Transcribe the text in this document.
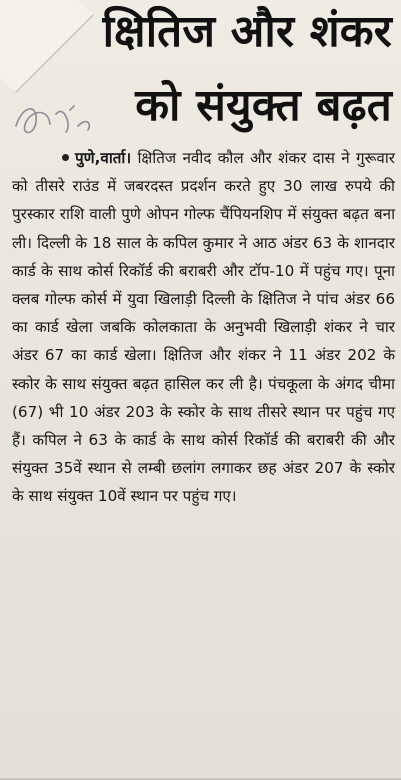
क्षितिज और शंकर
को संयुक्त बढ़त

पुणे,वार्ता। क्षितिज नवीद कौल और शंकर दास ने गुरूवार को तीसरे राउंड में जबरदस्त प्रदर्शन करते हुए 30 लाख रुपये की पुरस्कार राशि वाली पुणे ओपन गोल्फ चैंपियनशिप में संयुक्त बढ़त बना ली। दिल्ली के 18 साल के कपिल कुमार ने आठ अंडर 63 के शानदार कार्ड के साथ कोर्स रिकॉर्ड की बराबरी और टॉप-10 में पहुंच गए। पूना क्लब गोल्फ कोर्स में युवा खिलाड़ी दिल्ली के क्षितिज ने पांच अंडर 66 का कार्ड खेला जबकि कोलकाता के अनुभवी खिलाड़ी शंकर ने चार अंडर 67 का कार्ड खेला। क्षितिज और शंकर ने 11 अंडर 202 के स्कोर के साथ संयुक्त बढ़त हासिल कर ली है। पंचकूला के अंगद चीमा (67) भी 10 अंडर 203 के स्कोर के साथ तीसरे स्थान पर पहुंच गए हैं। कपिल ने 63 के कार्ड के साथ कोर्स रिकॉर्ड की बराबरी की और संयुक्त 35वें स्थान से लम्बी छलांग लगाकर छह अंडर 207 के स्कोर के साथ संयुक्त 10वें स्थान पर पहुंच गए।
